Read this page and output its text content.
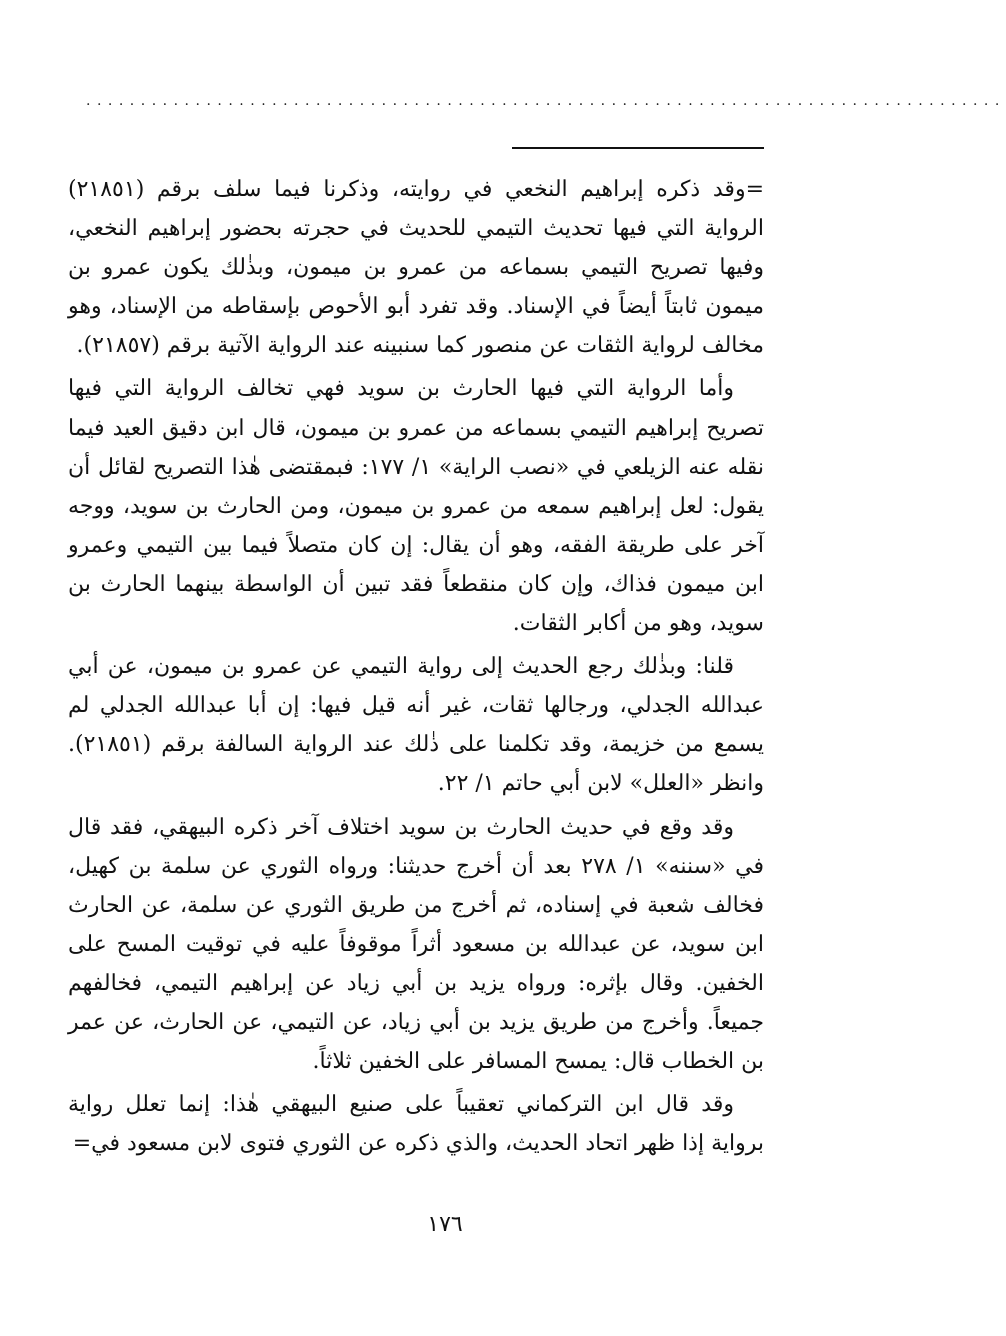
....................................................................................

=وقد ذكره إبراهيم النخعي في روايته، وذكرنا فيما سلف برقم (٢١٨٥١) الرواية التي فيها تحديث التيمي للحديث في حجرته بحضور إبراهيم النخعي، وفيها تصريح التيمي بسماعه من عمرو بن ميمون، وبذٰلك يكون عمرو بن ميمون ثابتاً أيضاً في الإسناد. وقد تفرد أبو الأحوص بإسقاطه من الإسناد، وهو مخالف لرواية الثقات عن منصور كما سنبينه عند الرواية الآتية برقم (٢١٨٥٧).

وأما الرواية التي فيها الحارث بن سويد فهي تخالف الرواية التي فيها تصريح إبراهيم التيمي بسماعه من عمرو بن ميمون، قال ابن دقيق العيد فيما نقله عنه الزيلعي في «نصب الراية» ١/ ١٧٧: فبمقتضى هٰذا التصريح لقائل أن يقول: لعل إبراهيم سمعه من عمرو بن ميمون، ومن الحارث بن سويد، ووجه آخر على طريقة الفقه، وهو أن يقال: إن كان متصلاً فيما بين التيمي وعمرو ابن ميمون فذاك، وإن كان منقطعاً فقد تبين أن الواسطة بينهما الحارث بن سويد، وهو من أكابر الثقات.

قلنا: وبذٰلك رجع الحديث إلى رواية التيمي عن عمرو بن ميمون، عن أبي عبدالله الجدلي، ورجالها ثقات، غير أنه قيل فيها: إن أبا عبدالله الجدلي لم يسمع من خزيمة، وقد تكلمنا على ذٰلك عند الرواية السالفة برقم (٢١٨٥١). وانظر «العلل» لابن أبي حاتم ١/ ٢٢.

وقد وقع في حديث الحارث بن سويد اختلاف آخر ذكره البيهقي، فقد قال في «سننه» ١/ ٢٧٨ بعد أن أخرج حديثنا: ورواه الثوري عن سلمة بن كهيل، فخالف شعبة في إسناده، ثم أخرج من طريق الثوري عن سلمة، عن الحارث ابن سويد، عن عبدالله بن مسعود أثراً موقوفاً عليه في توقيت المسح على الخفين. وقال بإثره: ورواه يزيد بن أبي زياد عن إبراهيم التيمي، فخالفهم جميعاً. وأخرج من طريق يزيد بن أبي زياد، عن التيمي، عن الحارث، عن عمر بن الخطاب قال: يمسح المسافر على الخفين ثلاثاً.

وقد قال ابن التركماني تعقيباً على صنيع البيهقي هٰذا: إنما تعلل رواية برواية إذا ظهر اتحاد الحديث، والذي ذكره عن الثوري فتوى لابن مسعود في=

١٧٦
